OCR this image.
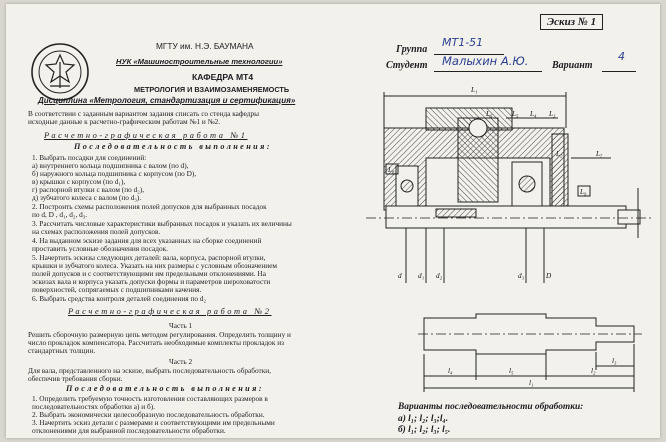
Эскиз № 1
МГТУ им. Н.Э. БАУМАНА
НУК «Машиностроительные технологии»
КАФЕДРА МТ4
МЕТРОЛОГИЯ И ВЗАИМОЗАМЕНЯЕМОСТЬ
Дисциплина «Метрология, стандартизация и сертификация»
В соответствии с заданным вариантом задания списать со стенда кафедры
исходные данные к расчетно-графическим работам №1 и №2.
Расчетно-графическая работа №1
Последовательность выполнения:
1. Выбрать посадки для соединений:
а) внутреннего кольца подшипника с валом (по d),
б) наружного кольца подшипника с корпусом (по D),
в) крышки с корпусом (по d₁),
г) распорной втулки с валом (по d₂),
д) зубчатого колеса с валом (по d₃).
2. Построить схемы расположения полей допусков для выбранных посадок
по d, D , d₁, d₂, d₃.
3. Рассчитать числовые характеристики выбранных посадок и указать их величины
на схемах расположения полей допусков.
4. На выданном эскизе задания для всех указанных на сборке соединений
проставить условные обозначения посадок.
5. Начертить эскизы следующих деталей: вала, корпуса, распорной втулки,
крышки и зубчатого колеса. Указать на них размеры с условным обозначением
полей допусков и с соответствующими им предельными отклонениями. На
эскизах вала и корпуса указать допуски формы и параметров шероховатости
поверхностей, сопрягаемых с подшипниками качения.
6. Выбрать средства контроля деталей соединения по d₂
Расчетно-графическая работа №2
Часть 1
Решить сборочную размерную цепь методом регулирования. Определить толщину и
число прокладок компенсатора. Рассчитать необходимые комплекты прокладок из
стандартных толщин.
Часть 2
Для вала, представленного на эскизе, выбрать последовательность обработки,
обеспечив требования сборки.
Последовательность выполнения:
1. Определить требуемую точность изготовления составляющих размеров в
последовательностях обработки а) и б).
2. Выбрать экономически целесообразную последовательность обработки.
3. Начертить эскиз детали с размерами и соответствующими им предельными
отклонениями для выбранной последовательности обработки.
Группа
МТ1-51
Студент Малыхин А.Ю. Вариант
4
L₁
L₂
L₃
L₄
L₅
L₆
L₇
L₈
L₉
d d₁ d₂	d₃	D
l₄	l₅	l₂
l₃
l₁
Варианты последовательности обработки:
а) l₁; l₂; l₃;l₄.
б) l₁; l₂; l₃; l₅.
